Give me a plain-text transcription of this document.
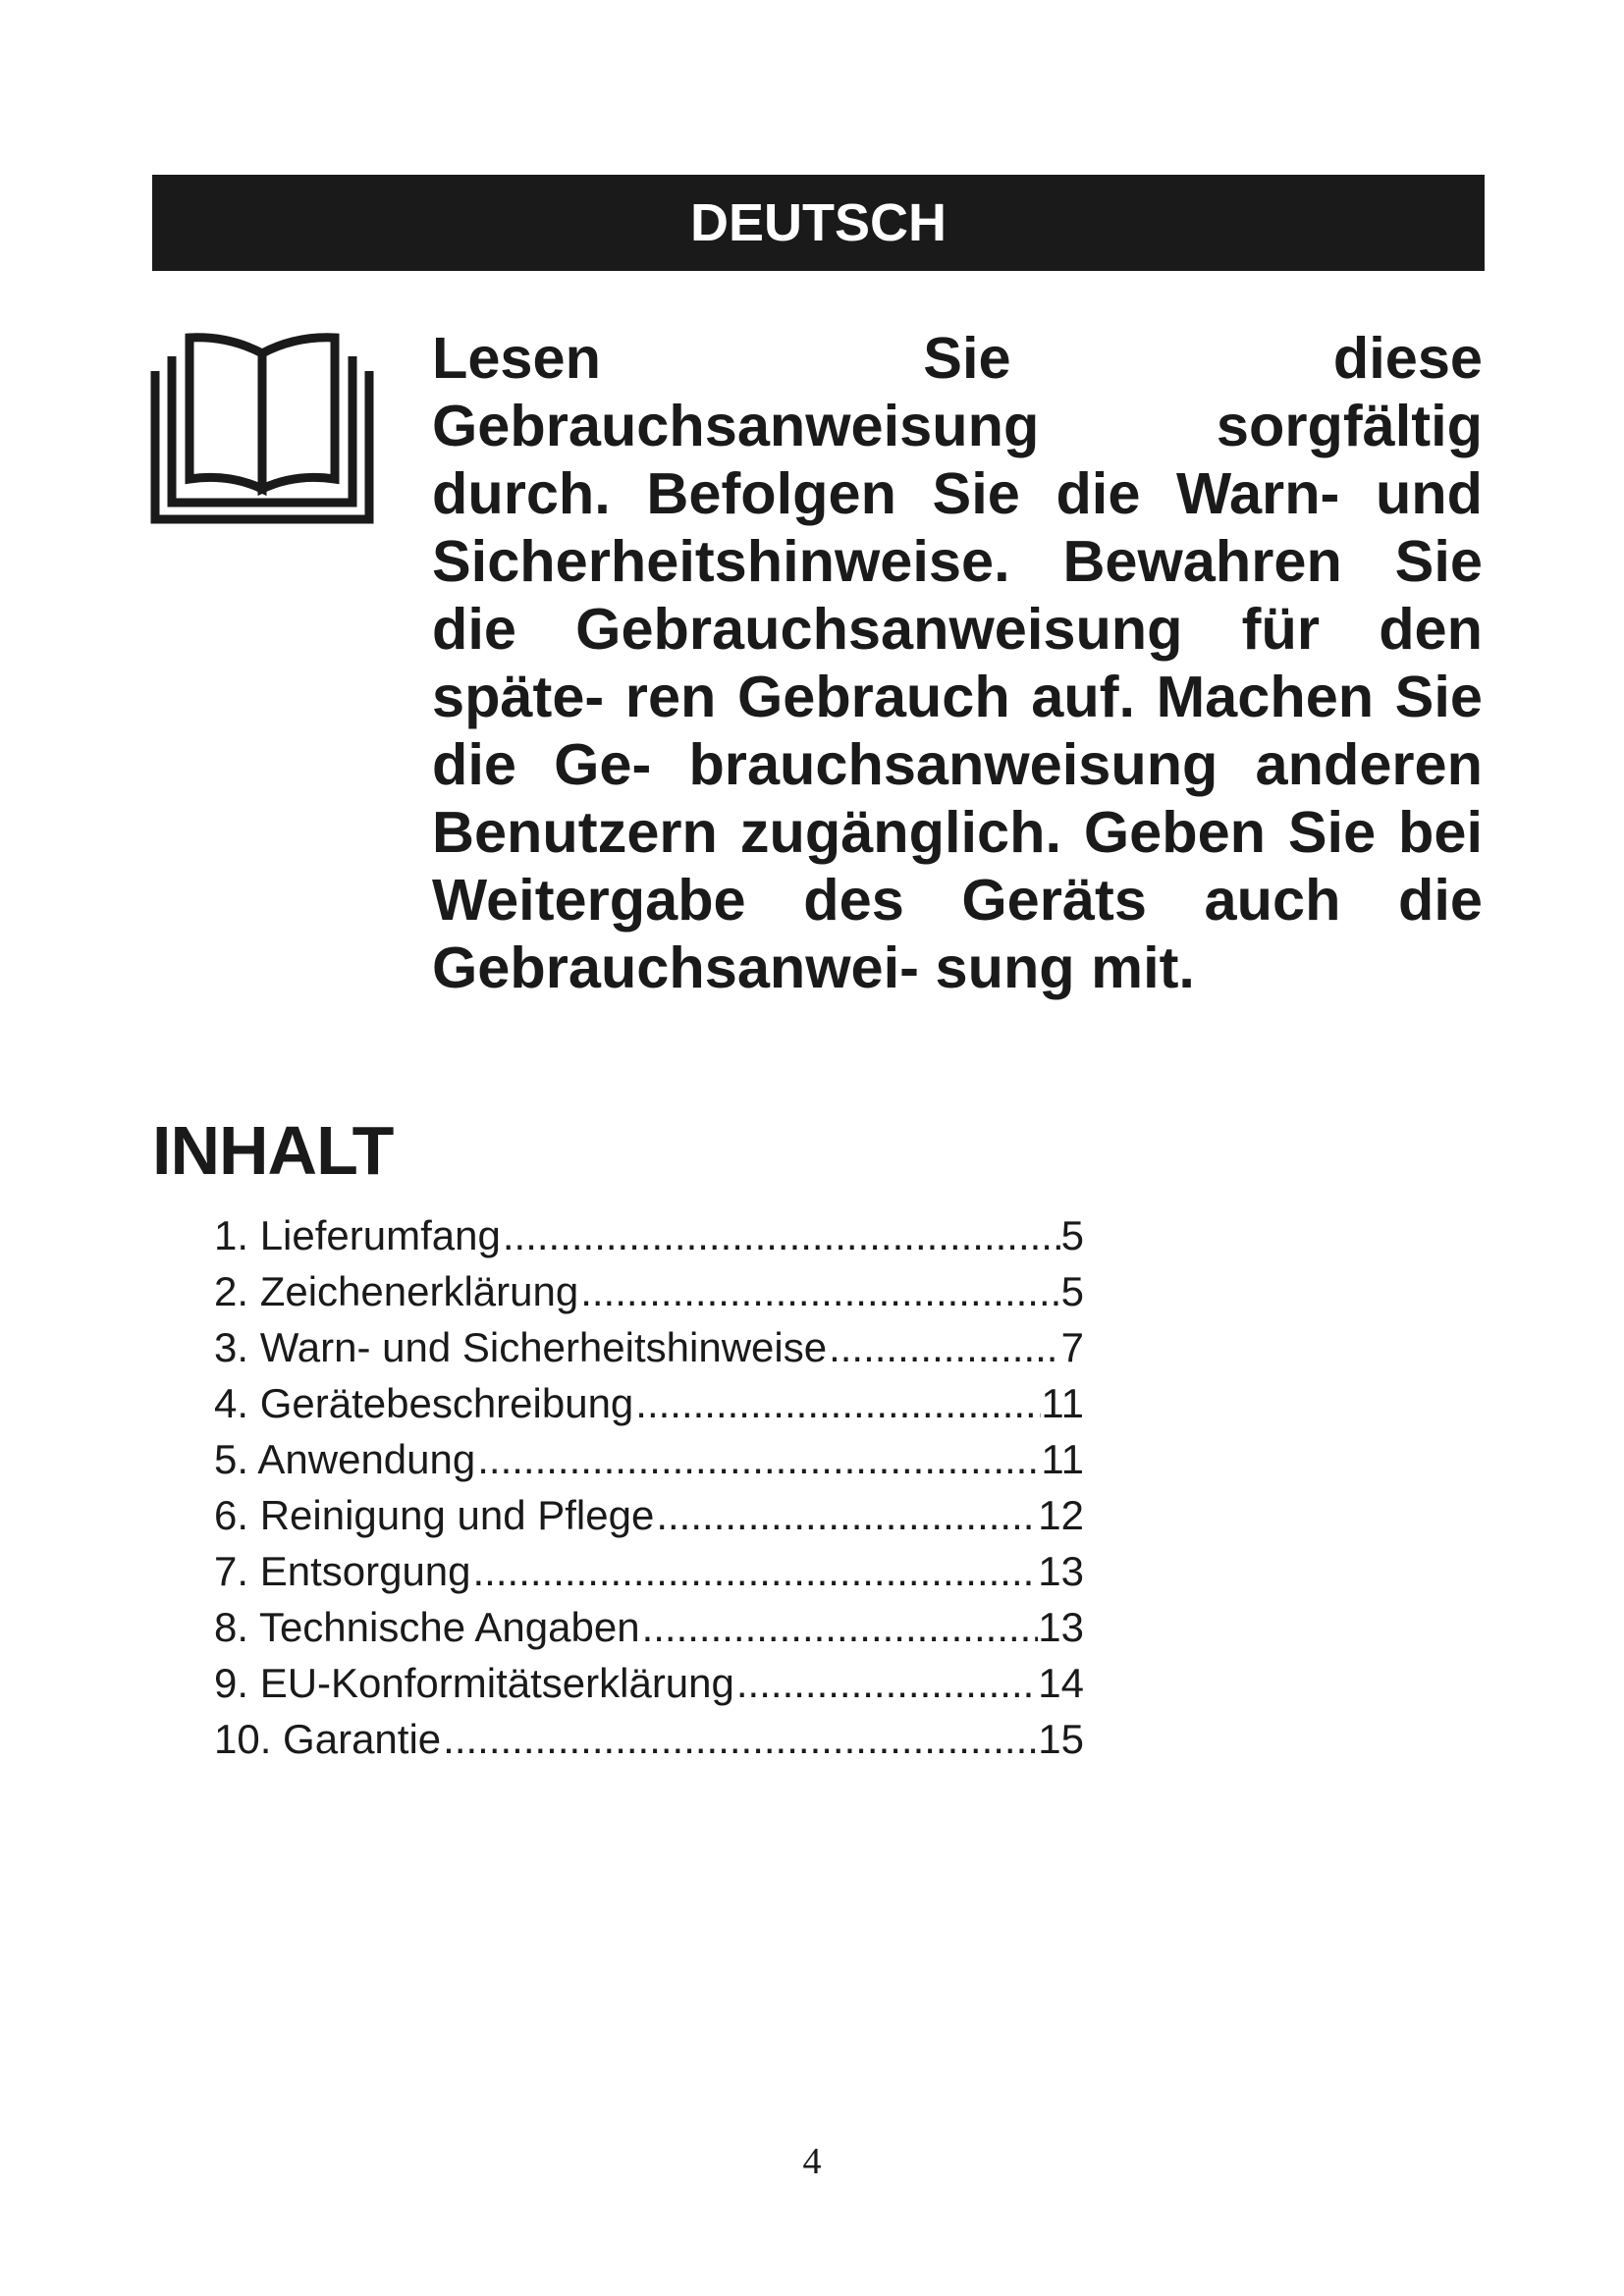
DEUTSCH

Lesen Sie diese Gebrauchsanweisung sorgfältig durch. Befolgen Sie die Warn- und Sicherheitshinweise. Bewahren Sie die Gebrauchsanweisung für den späte- ren Gebrauch auf. Machen Sie die Ge- brauchsanweisung anderen Benutzern zugänglich. Geben Sie bei Weitergabe des Geräts auch die Gebrauchsanwei- sung mit.

INHALT
1. Lieferumfang .....	5
2. Zeichenerklärung .....	5
3. Warn- und Sicherheitshinweise .....	7
4. Gerätebeschreibung .....	11
5. Anwendung .....	11
6. Reinigung und Pflege .....	12
7. Entsorgung .....	13
8. Technische Angaben .....	13
9. EU-Konformitätserklärung .....	14
10. Garantie .....	15
4
